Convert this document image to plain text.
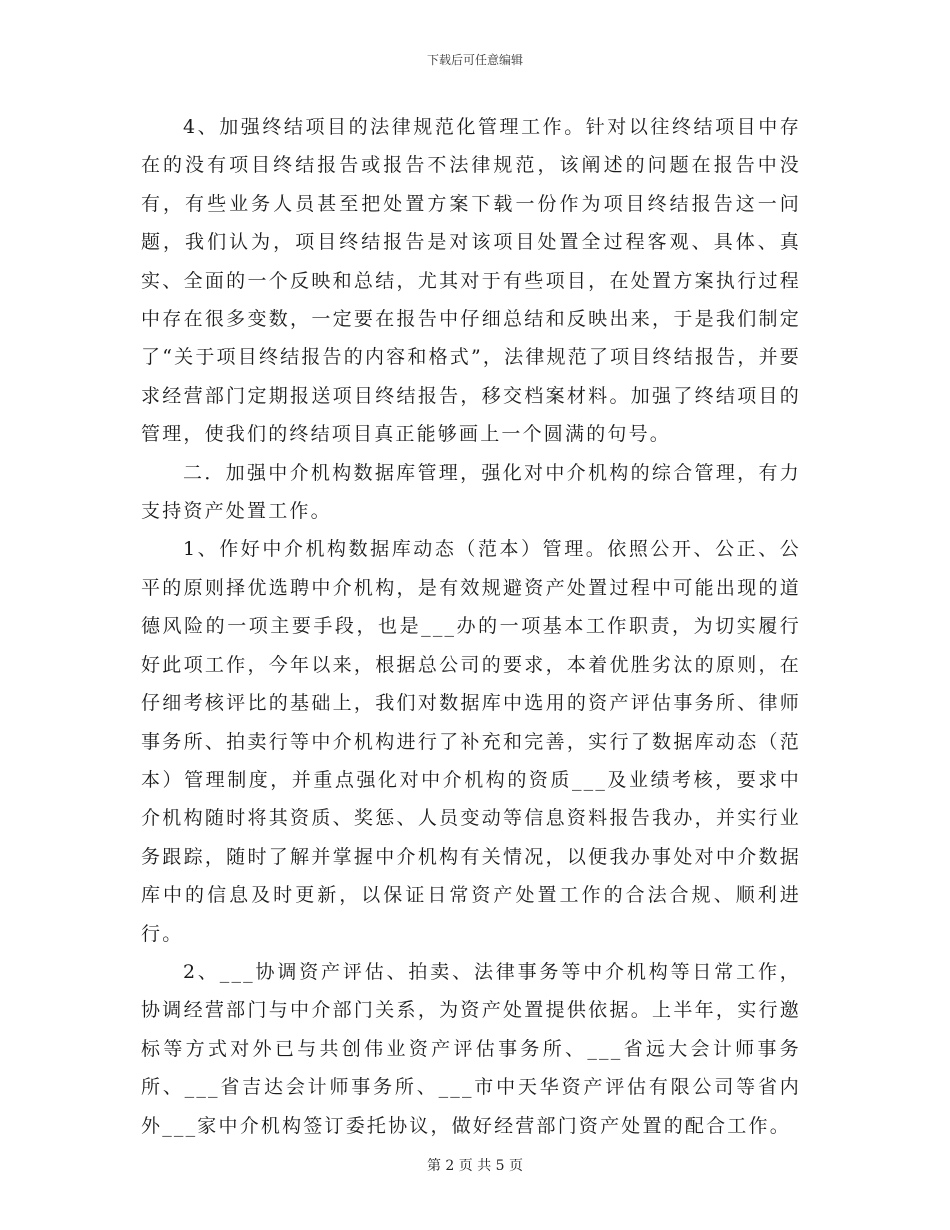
下载后可任意编辑

4、加强终结项目的法律规范化管理工作。针对以往终结项目中存在的没有项目终结报告或报告不法律规范，该阐述的问题在报告中没有，有些业务人员甚至把处置方案下载一份作为项目终结报告这一问题，我们认为，项目终结报告是对该项目处置全过程客观、具体、真实、全面的一个反映和总结，尤其对于有些项目，在处置方案执行过程中存在很多变数，一定要在报告中仔细总结和反映出来，于是我们制定了“关于项目终结报告的内容和格式”，法律规范了项目终结报告，并要求经营部门定期报送项目终结报告，移交档案材料。加强了终结项目的管理，使我们的终结项目真正能够画上一个圆满的句号。

二．加强中介机构数据库管理，强化对中介机构的综合管理，有力支持资产处置工作。

1、作好中介机构数据库动态（范本）管理。依照公开、公正、公平的原则择优选聘中介机构，是有效规避资产处置过程中可能出现的道德风险的一项主要手段，也是___办的一项基本工作职责，为切实履行好此项工作，今年以来，根据总公司的要求，本着优胜劣汰的原则，在仔细考核评比的基础上，我们对数据库中选用的资产评估事务所、律师事务所、拍卖行等中介机构进行了补充和完善，实行了数据库动态（范本）管理制度，并重点强化对中介机构的资质___及业绩考核，要求中介机构随时将其资质、奖惩、人员变动等信息资料报告我办，并实行业务跟踪，随时了解并掌握中介机构有关情况，以便我办事处对中介数据库中的信息及时更新，以保证日常资产处置工作的合法合规、顺利进行。

2、___协调资产评估、拍卖、法律事务等中介机构等日常工作，协调经营部门与中介部门关系，为资产处置提供依据。上半年，实行邀标等方式对外已与共创伟业资产评估事务所、___省远大会计师事务所、___省吉达会计师事务所、___市中天华资产评估有限公司等省内外___家中介机构签订委托协议，做好经营部门资产处置的配合工作。

第 2 页 共 5 页
